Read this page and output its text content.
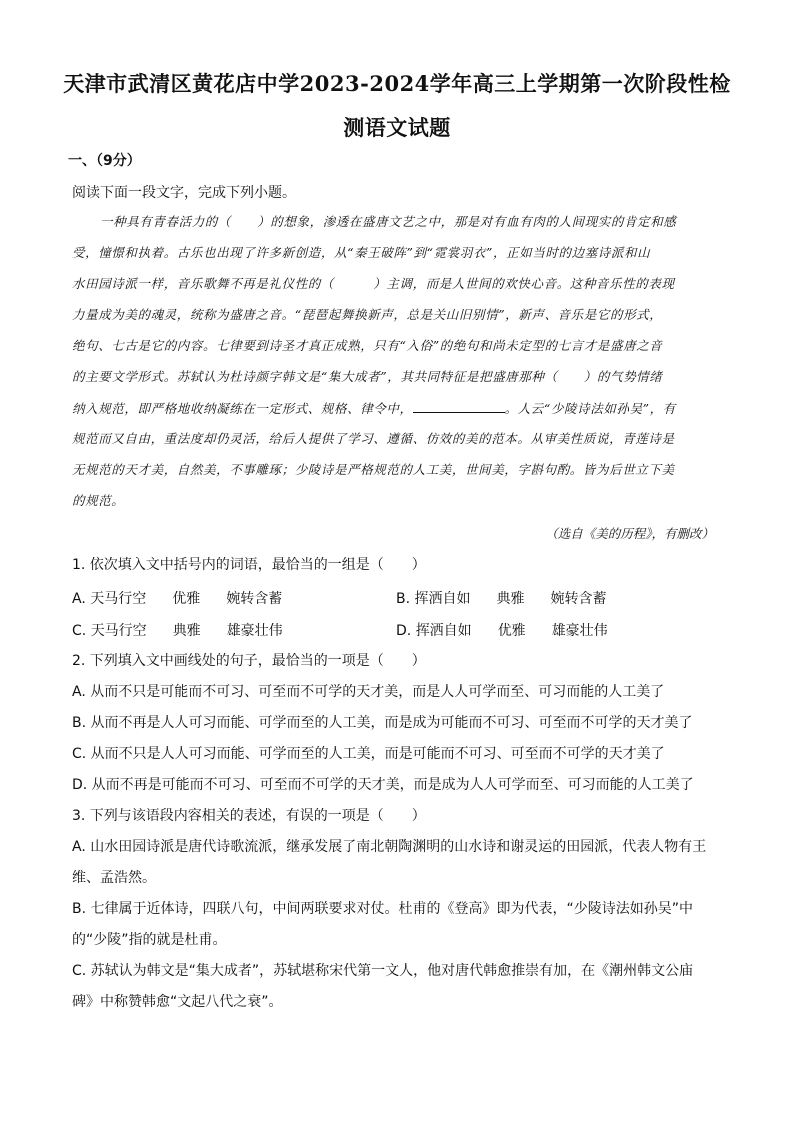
天津市武清区黄花店中学2023-2024学年高三上学期第一次阶段性检
测语文试题
一、（9分）
阅读下面一段文字，完成下列小题。
一种具有青春活力的（　　）的想象，渗透在盛唐文艺之中，那是对有血有肉的人间现实的肯定和感
受，憧憬和执着。古乐也出现了许多新创造，从“秦王破阵”到“霓裳羽衣”，正如当时的边塞诗派和山
水田园诗派一样，音乐歌舞不再是礼仪性的（　　　）主调，而是人世间的欢快心音。这种音乐性的表现
力量成为美的魂灵，统称为盛唐之音。“琵琶起舞换新声，总是关山旧别情”，新声、音乐是它的形式，
绝句、七古是它的内容。七律要到诗圣才真正成熟，只有“入俗”的绝句和尚未定型的七言才是盛唐之音
的主要文学形式。苏轼认为杜诗颜字韩文是“集大成者”，其共同特征是把盛唐那种（　　）的气势情绪
纳入规范，即严格地收纳凝练在一定形式、规格、律令中，	。人云“少陵诗法如孙吴”，有
规范而又自由，重法度却仍灵活，给后人提供了学习、遵循、仿效的美的范本。从审美性质说，青莲诗是
无规范的天才美，自然美，不事雕琢；少陵诗是严格规范的人工美，世间美，字斟句酌。皆为后世立下美
的规范。
（选自《美的历程》，有删改）
1. 依次填入文中括号内的词语，最恰当的一组是（　　）
A. 天马行空 优雅 婉转含蓄	B. 挥洒自如 典雅 婉转含蓄
C. 天马行空 典雅 雄豪壮伟	D. 挥洒自如 优雅 雄豪壮伟
2. 下列填入文中画线处的句子，最恰当的一项是（　　）
A. 从而不只是可能而不可习、可至而不可学的天才美，而是人人可学而至、可习而能的人工美了
B. 从而不再是人人可习而能、可学而至的人工美，而是成为可能而不可习、可至而不可学的天才美了
C. 从而不只是人人可习而能、可学而至的人工美，而是可能而不可习、可至而不可学的天才美了
D. 从而不再是可能而不可习、可至而不可学的天才美，而是成为人人可学而至、可习而能的人工美了
3. 下列与该语段内容相关的表述，有误的一项是（　　）
A. 山水田园诗派是唐代诗歌流派，继承发展了南北朝陶渊明的山水诗和谢灵运的田园派，代表人物有王
维、孟浩然。
B. 七律属于近体诗，四联八句，中间两联要求对仗。杜甫的《登高》即为代表，“少陵诗法如孙吴”中
的“少陵”指的就是杜甫。
C. 苏轼认为韩文是“集大成者”，苏轼堪称宋代第一文人，他对唐代韩愈推崇有加，在《潮州韩文公庙
碑》中称赞韩愈“文起八代之衰”。
